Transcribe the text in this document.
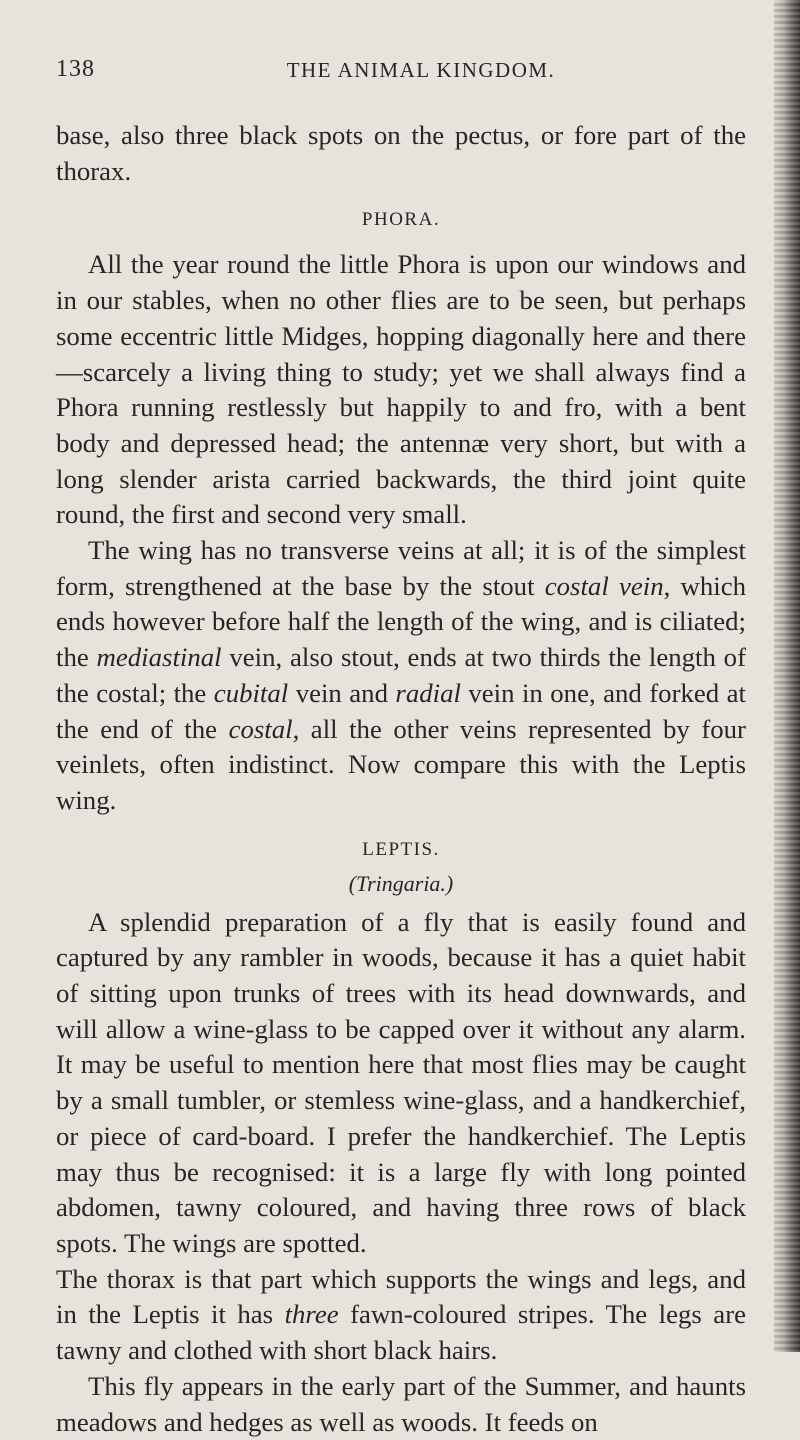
138	THE ANIMAL KINGDOM.

base, also three black spots on the pectus, or fore part of the thorax.

PHORA.

All the year round the little Phora is upon our windows and in our stables, when no other flies are to be seen, but perhaps some eccentric little Midges, hopping diagonally here and there—scarcely a living thing to study; yet we shall always find a Phora running restlessly but happily to and fro, with a bent body and depressed head; the antennæ very short, but with a long slender arista carried backwards, the third joint quite round, the first and second very small.

The wing has no transverse veins at all; it is of the simplest form, strengthened at the base by the stout costal vein, which ends however before half the length of the wing, and is ciliated; the mediastinal vein, also stout, ends at two thirds the length of the costal; the cubital vein and radial vein in one, and forked at the end of the costal, all the other veins represented by four veinlets, often indistinct. Now compare this with the Leptis wing.

LEPTIS.
(Tringaria.)

A splendid preparation of a fly that is easily found and captured by any rambler in woods, because it has a quiet habit of sitting upon trunks of trees with its head downwards, and will allow a wine-glass to be capped over it without any alarm. It may be useful to mention here that most flies may be caught by a small tumbler, or stemless wine-glass, and a handkerchief, or piece of card-board. I prefer the handkerchief. The Leptis may thus be recognised: it is a large fly with long pointed abdomen, tawny coloured, and having three rows of black spots. The wings are spotted.

The thorax is that part which supports the wings and legs, and in the Leptis it has three fawn-coloured stripes. The legs are tawny and clothed with short black hairs.

This fly appears in the early part of the Summer, and haunts meadows and hedges as well as woods. It feeds on
